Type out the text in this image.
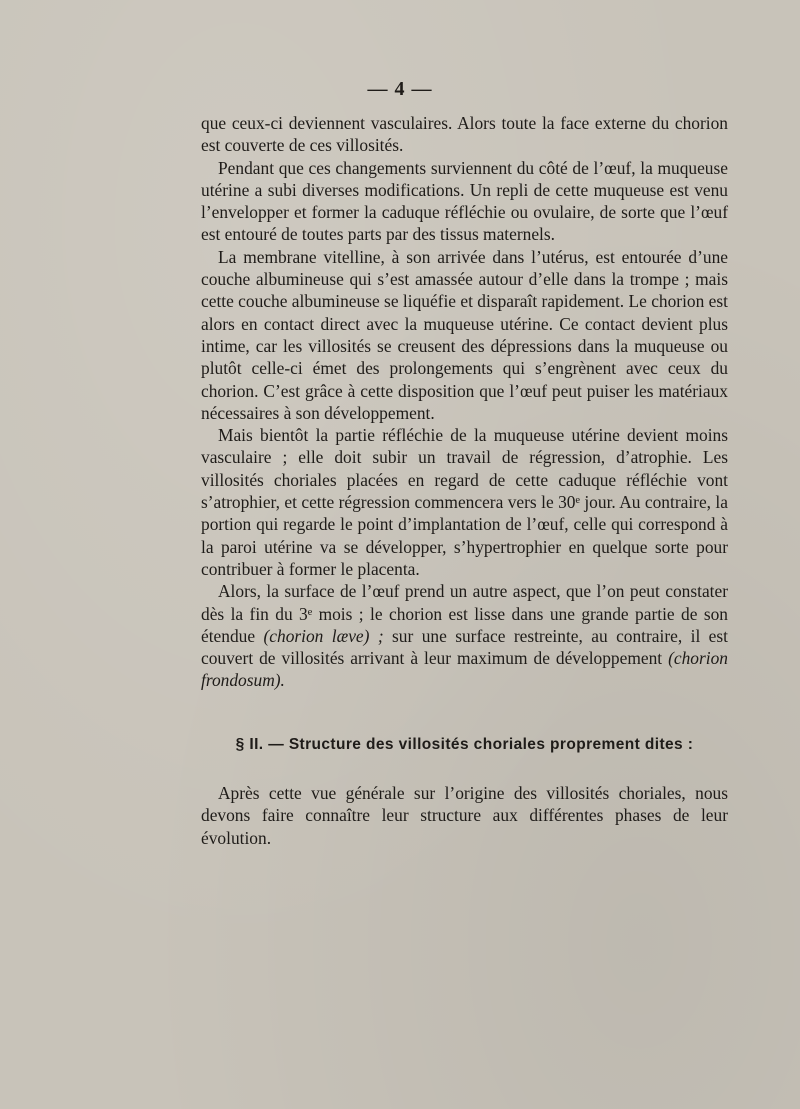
— 4 —

que ceux-ci deviennent vasculaires. Alors toute la face externe du chorion est couverte de ces villosités.

Pendant que ces changements surviennent du côté de l’œuf, la muqueuse utérine a subi diverses modifications. Un repli de cette muqueuse est venu l’envelopper et former la caduque réfléchie ou ovulaire, de sorte que l’œuf est entouré de toutes parts par des tissus maternels.

La membrane vitelline, à son arrivée dans l’utérus, est entourée d’une couche albumineuse qui s’est amassée autour d’elle dans la trompe ; mais cette couche albumineuse se liquéfie et disparaît rapidement. Le chorion est alors en contact direct avec la muqueuse utérine. Ce contact devient plus intime, car les villosités se creusent des dépressions dans la muqueuse ou plutôt celle-ci émet des prolongements qui s’engrènent avec ceux du chorion. C’est grâce à cette disposition que l’œuf peut puiser les matériaux nécessaires à son développement.

Mais bientôt la partie réfléchie de la muqueuse utérine devient moins vasculaire ; elle doit subir un travail de régression, d’atrophie. Les villosités choriales placées en regard de cette caduque réfléchie vont s’atrophier, et cette régression commencera vers le 30ᵉ jour. Au contraire, la portion qui regarde le point d’implantation de l’œuf, celle qui correspond à la paroi utérine va se développer, s’hypertrophier en quelque sorte pour contribuer à former le placenta.

Alors, la surface de l’œuf prend un autre aspect, que l’on peut constater dès la fin du 3ᵉ mois ; le chorion est lisse dans une grande partie de son étendue (chorion læve) ; sur une surface restreinte, au contraire, il est couvert de villosités arrivant à leur maximum de développement (chorion frondosum).

§ II. — Structure des villosités choriales proprement dites :

Après cette vue générale sur l’origine des villosités choriales, nous devons faire connaître leur structure aux différentes phases de leur évolution.
